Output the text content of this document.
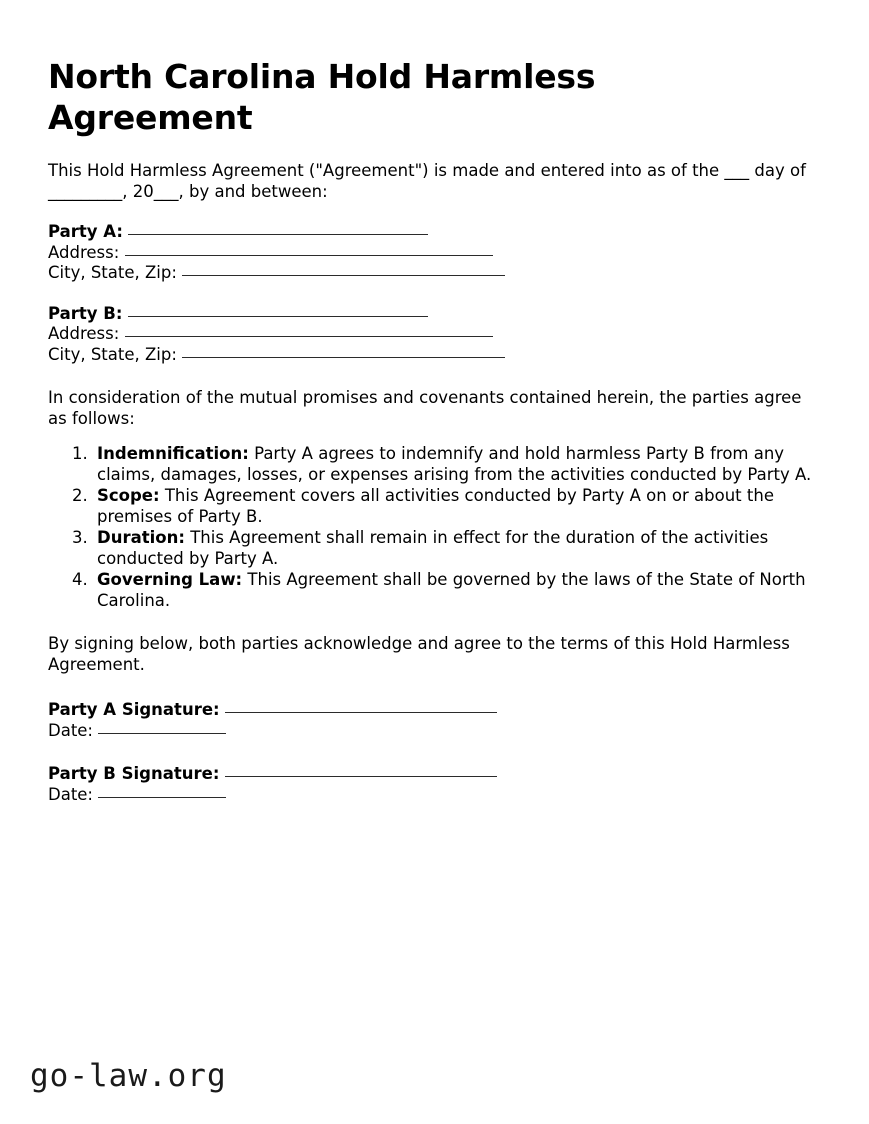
North Carolina Hold Harmless Agreement

This Hold Harmless Agreement ("Agreement") is made and entered into as of the ___ day of _________, 20___, by and between:

Party A:
Address:
City, State, Zip:
Party B:
Address:
City, State, Zip:

In consideration of the mutual promises and covenants contained herein, the parties agree as follows:

1. Indemnification: Party A agrees to indemnify and hold harmless Party B from any claims, damages, losses, or expenses arising from the activities conducted by Party A.
2. Scope: This Agreement covers all activities conducted by Party A on or about the premises of Party B.
3. Duration: This Agreement shall remain in effect for the duration of the activities conducted by Party A.
4. Governing Law: This Agreement shall be governed by the laws of the State of North Carolina.

By signing below, both parties acknowledge and agree to the terms of this Hold Harmless Agreement.

Party A Signature:
Date:
Party B Signature:
Date:
go-law.org
